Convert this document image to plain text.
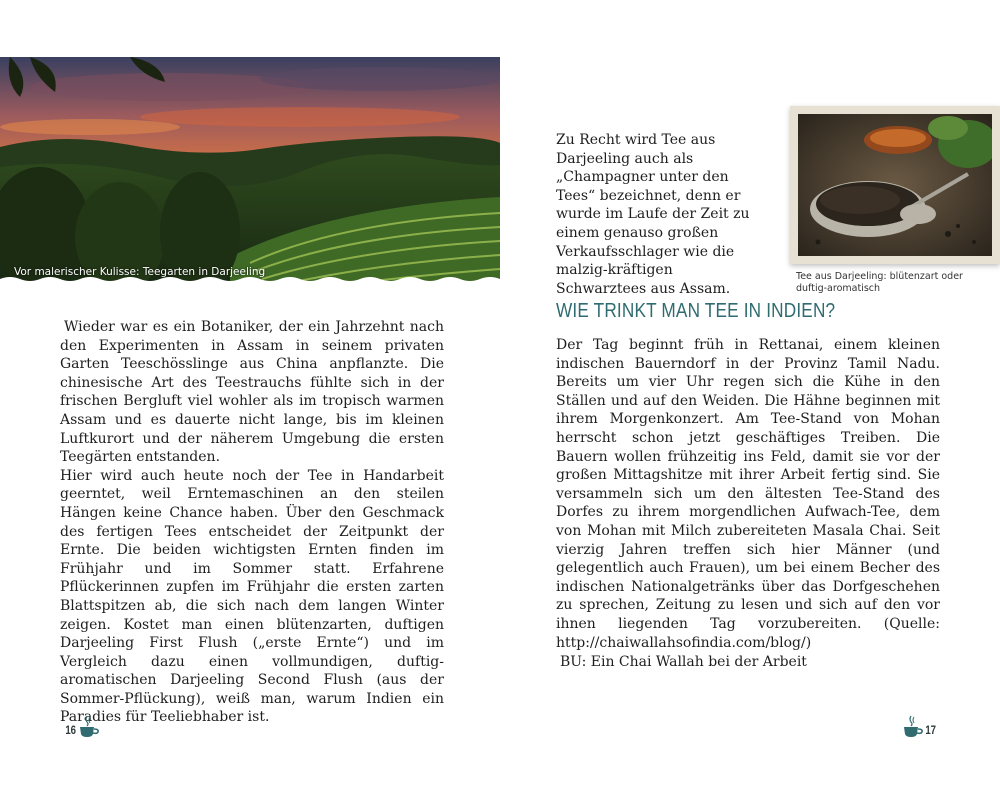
Vor malerischer Kulisse: Teegarten in Darjeeling

Wieder war es ein Botaniker, der ein Jahrzehnt nach den Experimenten in Assam in seinem privaten Garten Teeschösslinge aus China anpflanzte. Die chinesische Art des Teestrauchs fühlte sich in der frischen Bergluft viel wohler als im tropisch warmen Assam und es dauerte nicht lange, bis im kleinen Luftkurort und der näherem Umgebung die ersten Teegärten entstanden.

Hier wird auch heute noch der Tee in Handarbeit geerntet, weil Erntemaschinen an den steilen Hängen keine Chance haben. Über den Geschmack des fertigen Tees entscheidet der Zeitpunkt der Ernte. Die beiden wichtigsten Ernten finden im Frühjahr und im Sommer statt. Erfahrene Pflückerinnen zupfen im Frühjahr die ersten zarten Blattspitzen ab, die sich nach dem langen Winter zeigen. Kostet man einen blütenzarten, duftigen Darjeeling First Flush („erste Ernte“) und im Vergleich dazu einen vollmundigen, duftig-aromatischen Darjeeling Second Flush (aus der Sommer-Pflückung), weiß man, warum Indien ein Paradies für Teeliebhaber ist.

16

Zu Recht wird Tee aus Darjeeling auch als „Champagner unter den Tees“ bezeichnet, denn er wurde im Laufe der Zeit zu einem genauso großen Verkaufsschlager wie die malzig-kräftigen Schwarztees aus Assam.

Tee aus Darjeeling: blütenzart oder duftig-aromatisch
WIE TRINKT MAN TEE IN INDIEN?

Der Tag beginnt früh in Rettanai, einem kleinen indischen Bauerndorf in der Provinz Tamil Nadu. Bereits um vier Uhr regen sich die Kühe in den Ställen und auf den Weiden. Die Hähne beginnen mit ihrem Morgenkonzert. Am Tee-Stand von Mohan herrscht schon jetzt geschäftiges Treiben. Die Bauern wollen frühzeitig ins Feld, damit sie vor der großen Mittagshitze mit ihrer Arbeit fertig sind. Sie versammeln sich um den ältesten Tee-Stand des Dorfes zu ihrem morgendlichen Aufwach-Tee, dem von Mohan mit Milch zubereiteten Masala Chai. Seit vierzig Jahren treffen sich hier Männer (und gelegentlich auch Frauen), um bei einem Becher des indischen Nationalgetränks über das Dorfgeschehen zu sprechen, Zeitung zu lesen und sich auf den vor ihnen liegenden Tag vorzubereiten. (Quelle: http://chaiwallahsofindia.com/blog/)

BU: Ein Chai Wallah bei der Arbeit
17
